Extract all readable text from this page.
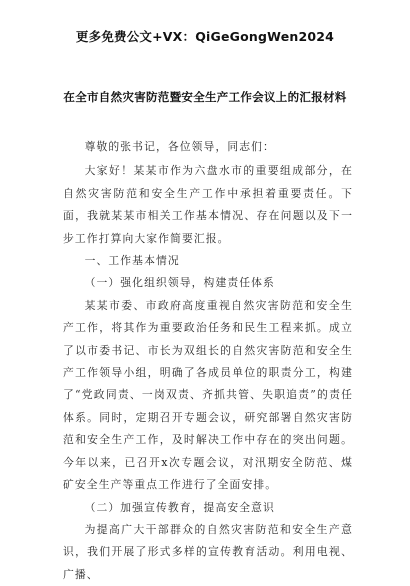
更多免费公文+VX：QiGeGongWen2024
在全市自然灾害防范暨安全生产工作会议上的汇报材料

尊敬的张书记，各位领导，同志们：

大家好！某某市作为六盘水市的重要组成部分，在自然灾害防范和安全生产工作中承担着重要责任。下面，我就某某市相关工作基本情况、存在问题以及下一步工作打算向大家作简要汇报。

一、工作基本情况

（一）强化组织领导，构建责任体系

某某市委、市政府高度重视自然灾害防范和安全生产工作，将其作为重要政治任务和民生工程来抓。成立了以市委书记、市长为双组长的自然灾害防范和安全生产工作领导小组，明确了各成员单位的职责分工，构建了“党政同责、一岗双责、齐抓共管、失职追责”的责任体系。同时，定期召开专题会议，研究部署自然灾害防范和安全生产工作，及时解决工作中存在的突出问题。今年以来，已召开x次专题会议，对汛期安全防范、煤矿安全生产等重点工作进行了全面安排。

（二）加强宣传教育，提高安全意识

为提高广大干部群众的自然灾害防范和安全生产意识，我们开展了形式多样的宣传教育活动。利用电视、广播、
